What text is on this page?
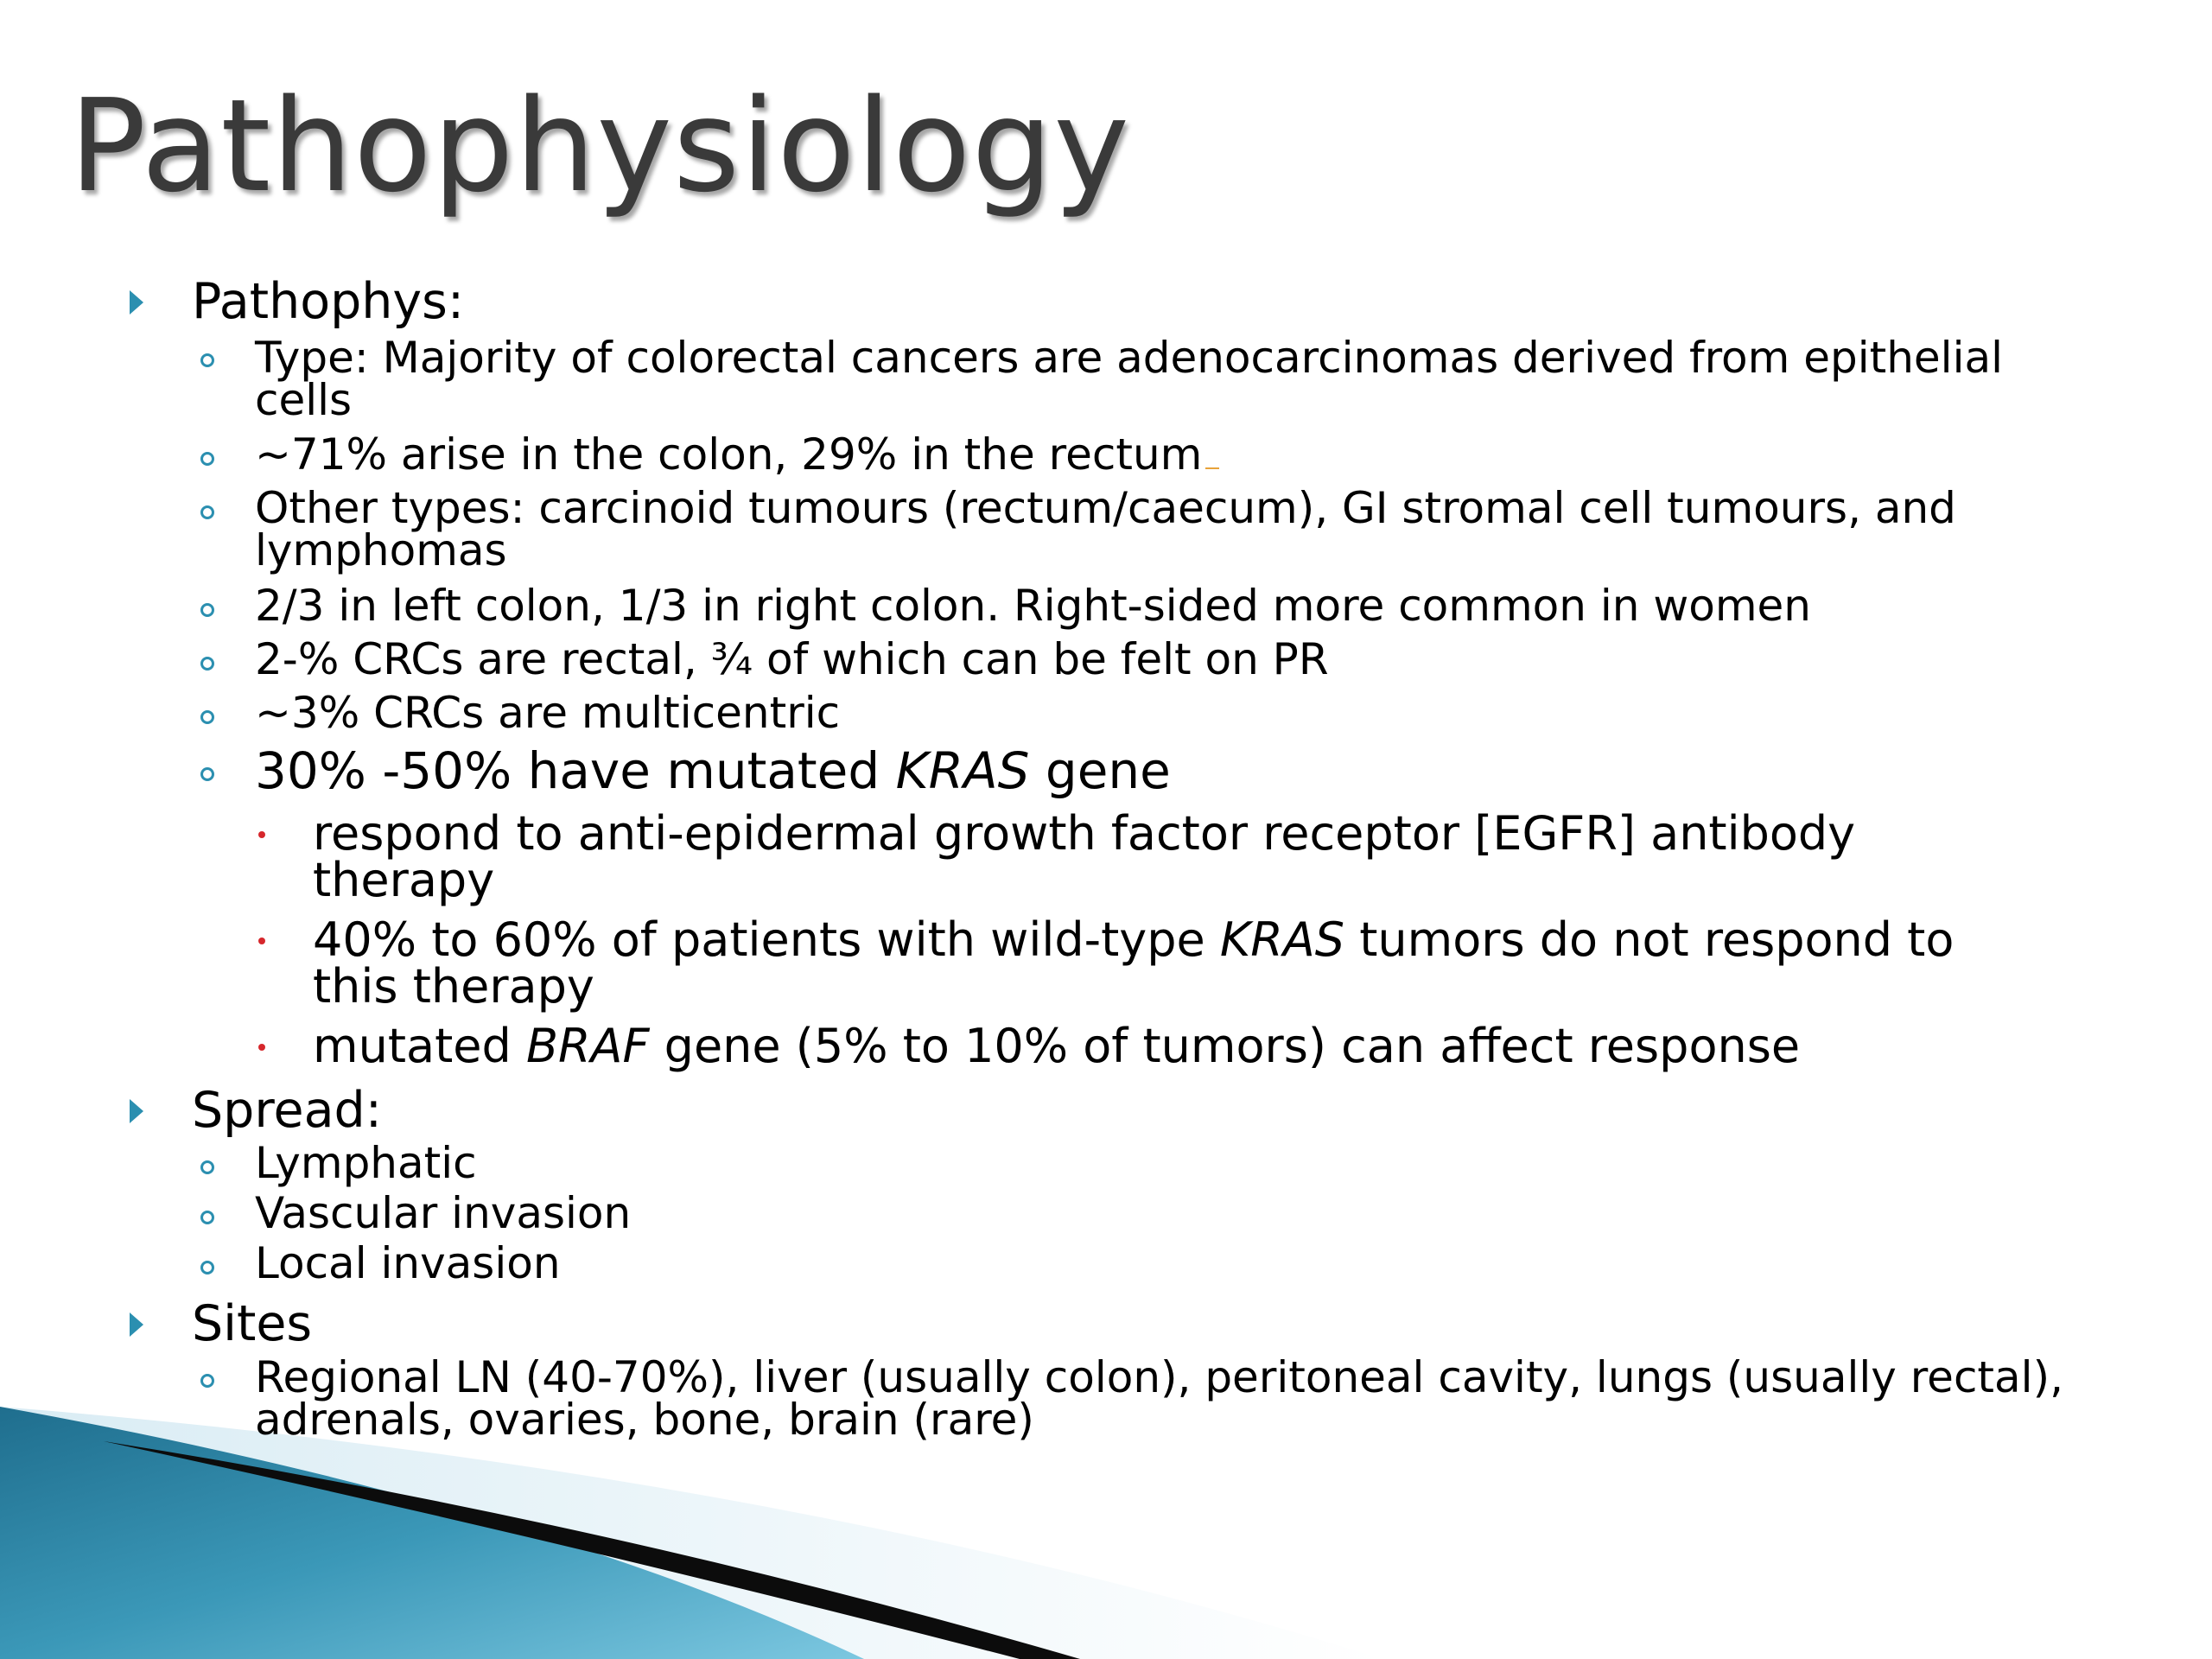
Pathophysiology
Pathophys:
Type: Majority of colorectal cancers are adenocarcinomas derived from epithelial
cells
~71% arise in the colon, 29% in the rectum
Other types: carcinoid tumours (rectum/caecum), GI stromal cell tumours, and
lymphomas
2/3 in left colon, 1/3 in right colon. Right-sided more common in women
2-% CRCs are rectal, ¾ of which can be felt on PR
~3% CRCs are multicentric
30% -50% have mutated KRAS gene
respond to anti-epidermal growth factor receptor [EGFR] antibody
therapy
40% to 60% of patients with wild-type KRAS tumors do not respond to
this therapy
mutated BRAF gene (5% to 10% of tumors) can affect response
Spread:
Lymphatic
Vascular invasion
Local invasion
Sites
Regional LN (40-70%), liver (usually colon), peritoneal cavity, lungs (usually rectal),
adrenals, ovaries, bone, brain (rare)
